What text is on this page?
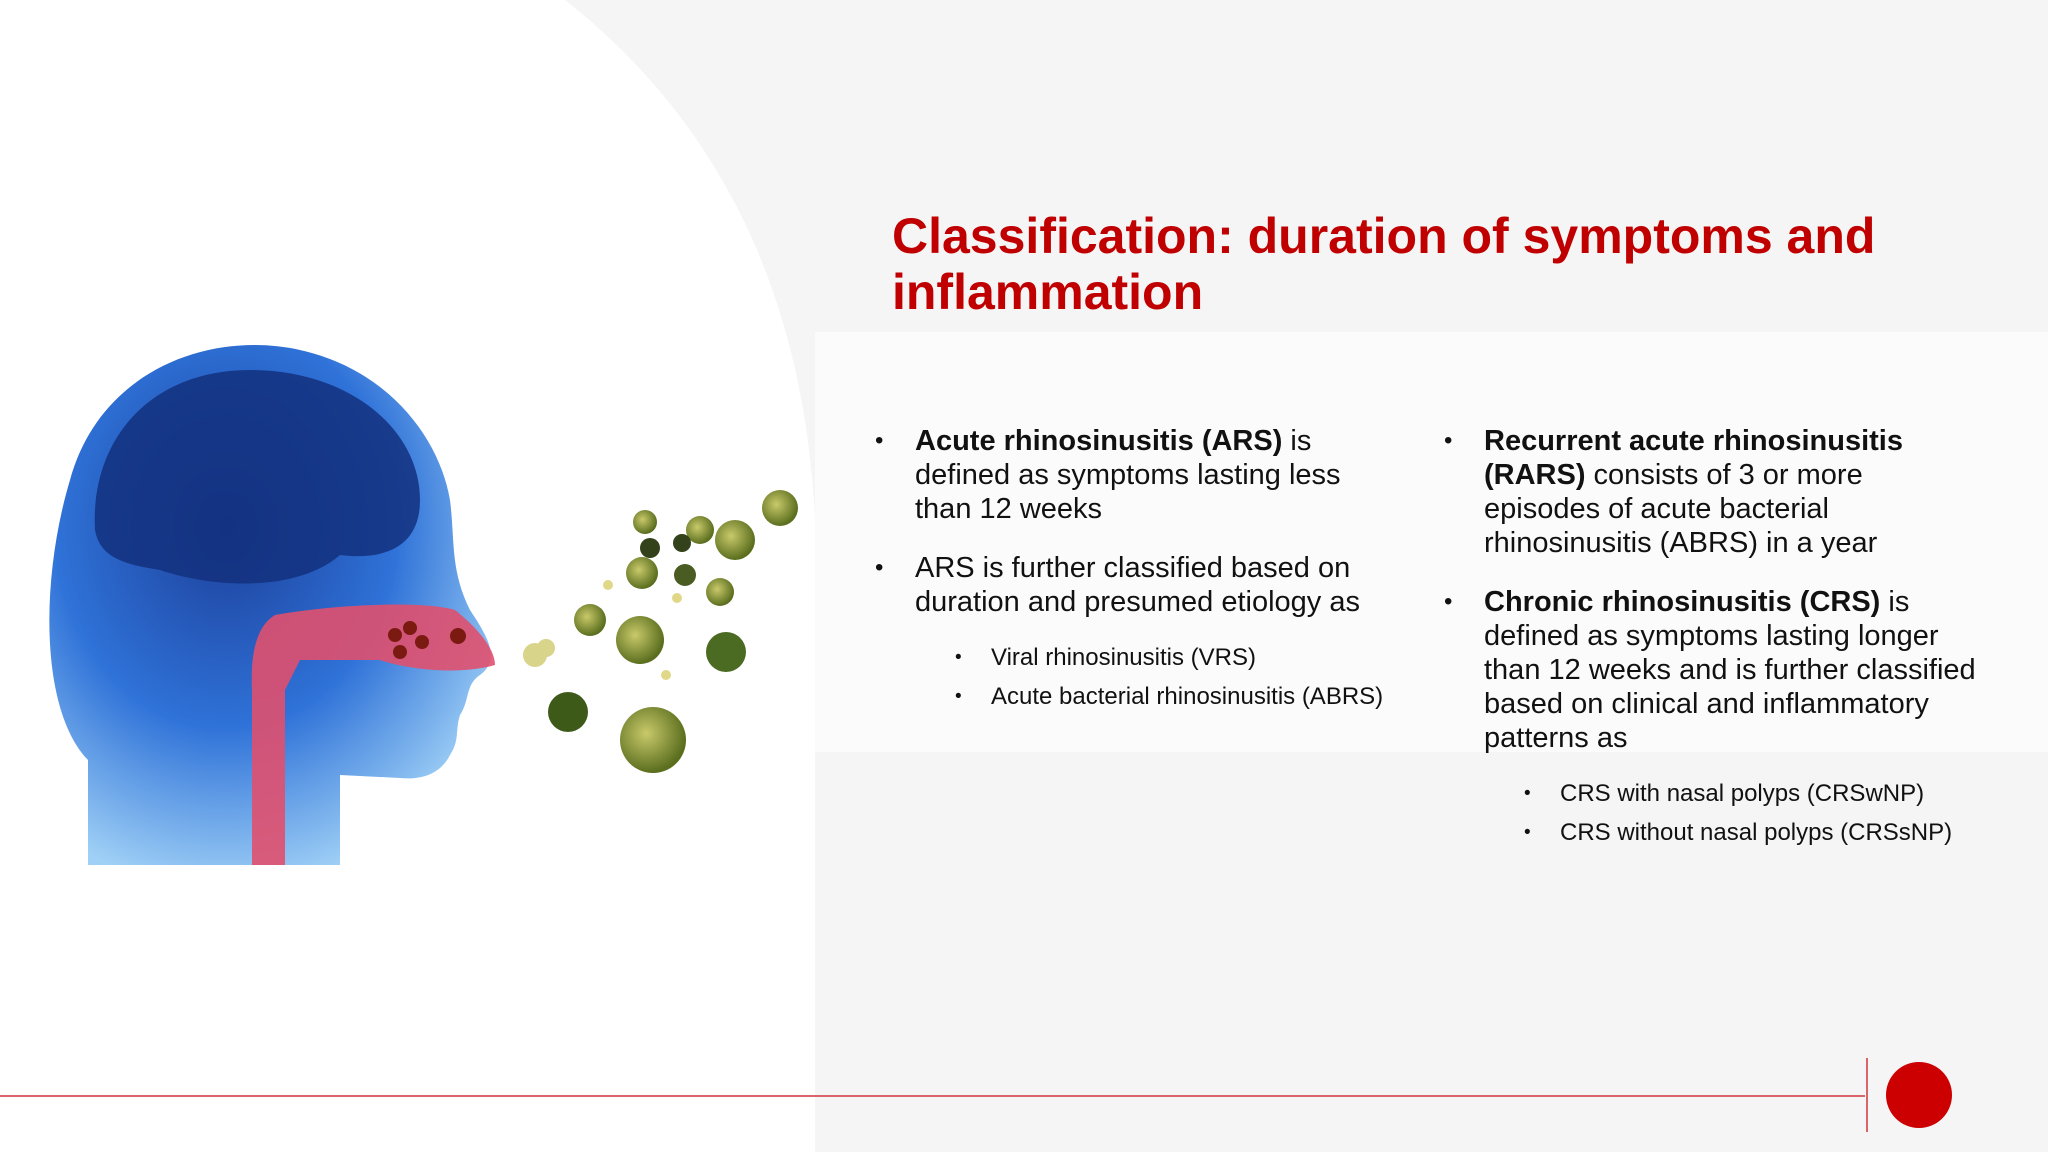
Classification: duration of symptoms and inflammation
• Acute rhinosinusitis (ARS) is defined as symptoms lasting less than 12 weeks
• ARS is further classified based on duration and presumed etiology as
• Viral rhinosinusitis (VRS)
• Acute bacterial rhinosinusitis (ABRS)
• Recurrent acute rhinosinusitis (RARS) consists of 3 or more episodes of acute bacterial rhinosinusitis (ABRS) in a year
• Chronic rhinosinusitis (CRS) is defined as symptoms lasting longer than 12 weeks and is further classified based on clinical and inflammatory patterns as
• CRS with nasal polyps (CRSwNP)
• CRS without nasal polyps (CRSsNP)
